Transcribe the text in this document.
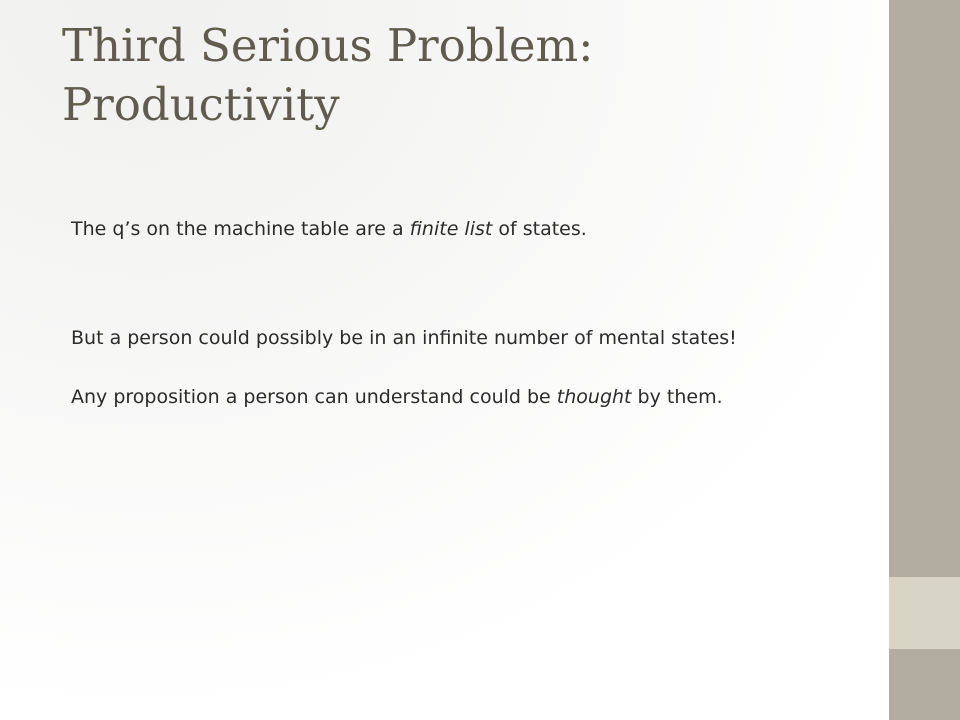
Third Serious Problem:
Productivity

The q’s on the machine table are a finite list of states.

But a person could possibly be in an infinite number of mental states!

Any proposition a person can understand could be thought by them.
